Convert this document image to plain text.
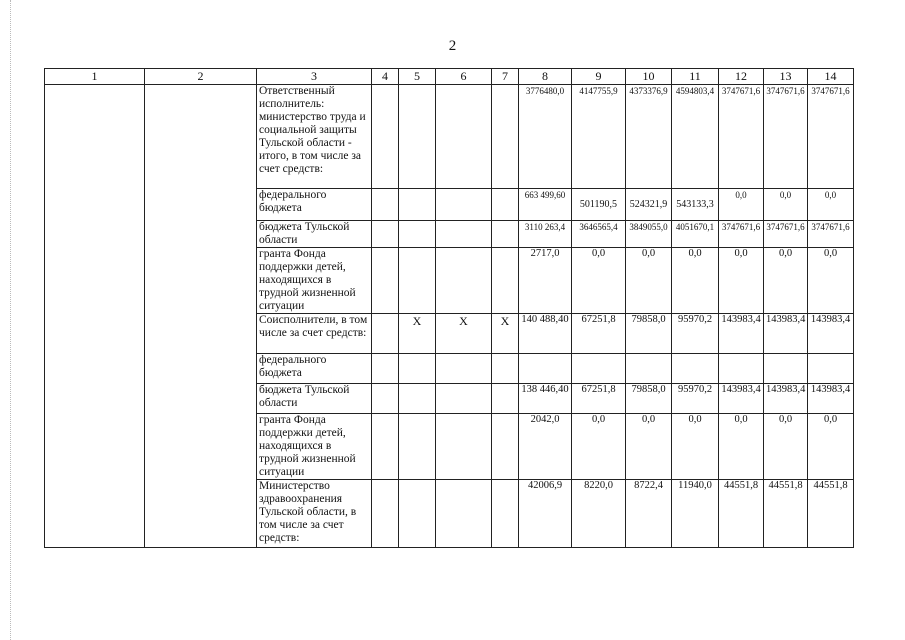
2
1	2	3	4	5	6	7	8	9	10	11	12	13	14
		Ответственный исполнитель: министерство труда и социальной защиты Тульской области - итого, в том числе за счет средств:					3776480,0	4147755,9	4373376,9	4594803,4	3747671,6	3747671,6	3747671,6
		федерального бюджета					663 499,60	501190,5	524321,9	543133,3	0,0	0,0	0,0
		бюджета Тульской области					3110 263,4	3646565,4	3849055,0	4051670,1	3747671,6	3747671,6	3747671,6
		гранта Фонда поддержки детей, находящихся в трудной жизненной ситуации					2717,0	0,0	0,0	0,0	0,0	0,0	0,0
		Соисполнители, в том числе за счет средств:		X	X	X	140 488,40	67251,8	79858,0	95970,2	143983,4	143983,4	143983,4
		федерального бюджета											
		бюджета Тульской области					138 446,40	67251,8	79858,0	95970,2	143983,4	143983,4	143983,4
		гранта Фонда поддержки детей, находящихся в трудной жизненной ситуации					2042,0	0,0	0,0	0,0	0,0	0,0	0,0
		Министерство здравоохранения Тульской области, в том числе за счет средств:					42006,9	8220,0	8722,4	11940,0	44551,8	44551,8	44551,8
